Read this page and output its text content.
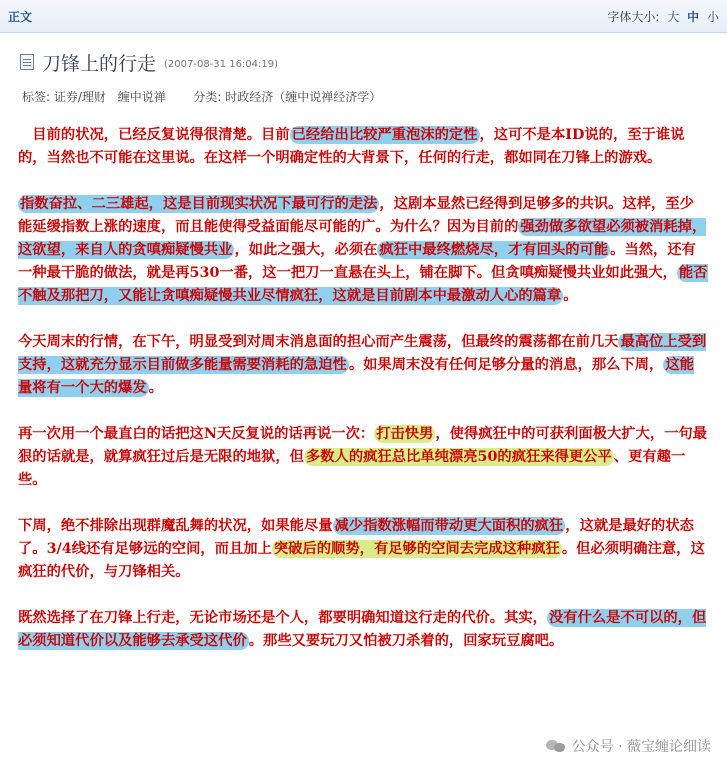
正文	字体大小: 大 中 小
刀锋上的行走 (2007-08-31 16:04:19)
标签: 证券/理财 缠中说禅 分类: 时政经济（缠中说禅经济学）

　目前的状况，已经反复说得很清楚。目前 已经给出比较严重泡沫的定性 ，这可不是本ID说的，至于谁说的，当然也不可能在这里说。在这样一个明确定性的大背景下，任何的行走，都如同在刀锋上的游戏。

指数奋拉、二三雄起，这是目前现实状况下最可行的走法 ，这剧本显然已经得到足够多的共识。这样，至少能延缓指数上涨的速度，而且能使得受益面能尽可能的广。为什么？因为目前的 强劲做多欲望必须被消耗掉，这欲望，来自人的贪嗔痴疑慢共业 ，如此之强大，必须在 疯狂中最终燃烧尽，才有回头的可能 。当然，还有一种最干脆的做法，就是再530一番，这一把刀一直悬在头上，铺在脚下。但贪嗔痴疑慢共业如此强大， 能否不触及那把刀，又能让贪嗔痴疑慢共业尽情疯狂，这就是目前剧本中最激动人心的篇章 。

今天周末的行情，在下午，明显受到对周末消息面的担心而产生震荡，但最终的震荡都在前几天 最高位上受到支持，这就充分显示目前做多能量需要消耗的急迫性 。如果周末没有任何足够分量的消息，那么下周， 这能量将有一个大的爆发 。

再一次用一个最直白的话把这N天反复说的话再说一次： 打击快男 ，使得疯狂中的可获利面极大扩大，一句最狠的话就是，就算疯狂过后是无限的地狱，但 多数人的疯狂总比单纯漂亮50的疯狂来得更公平 、更有趣一些。

下周，绝不排除出现群魔乱舞的状况，如果能尽量 减少指数涨幅而带动更大面积的疯狂 ，这就是最好的状态了。3/4线还有足够远的空间，而且加上 突破后的顺势，有足够的空间去完成这种疯狂 。但必须明确注意，这疯狂的代价，与刀锋相关。

既然选择了在刀锋上行走，无论市场还是个人，都要明确知道这行走的代价。其实， 没有什么是不可以的，但必须知道代价以及能够去承受这代价 。那些又要玩刀又怕被刀杀着的，回家玩豆腐吧。

公众号 · 薇宝缠论细读
